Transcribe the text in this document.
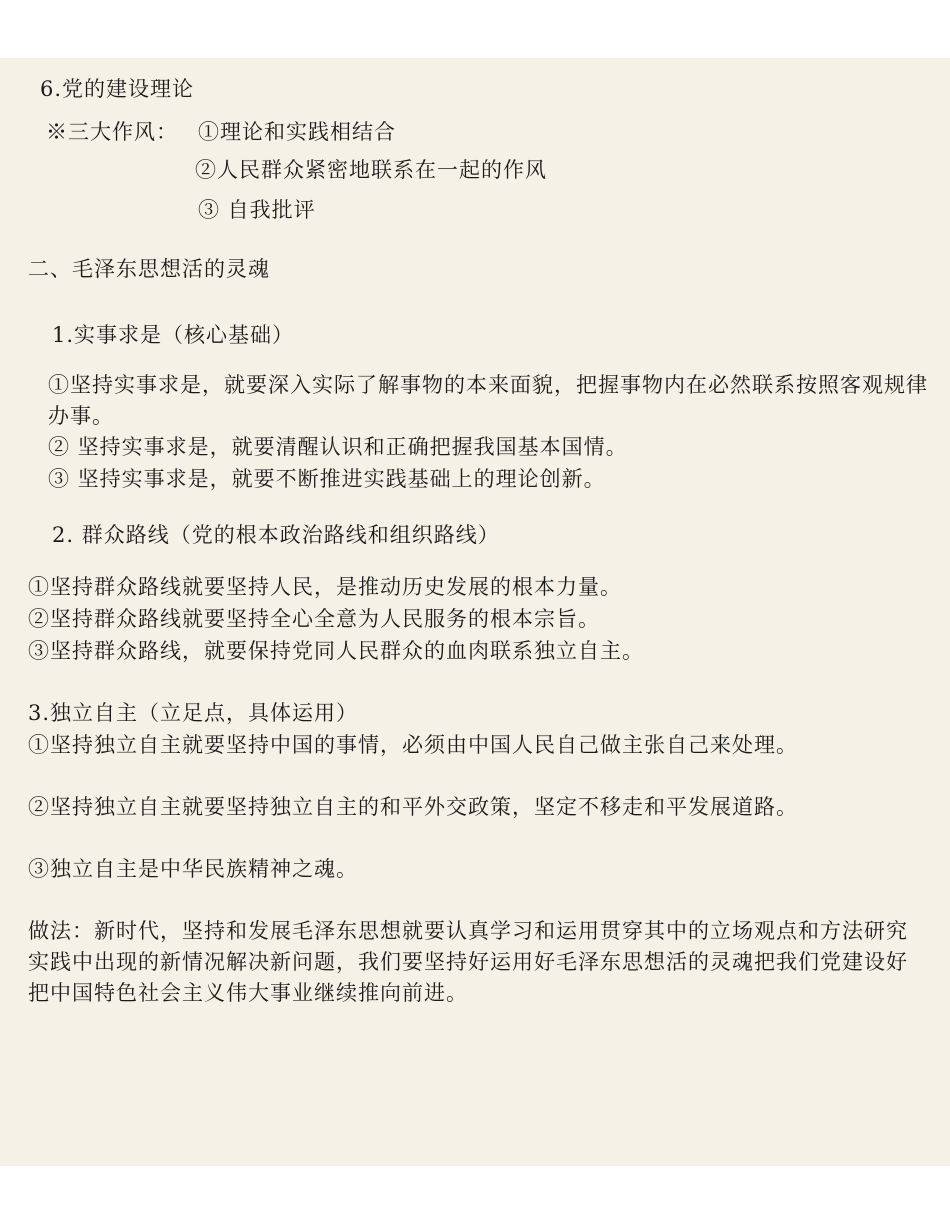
6.党的建设理论
※三大作风： ①理论和实践相结合
②人民群众紧密地联系在一起的作风
③ 自我批评
二、毛泽东思想活的灵魂
1.实事求是（核心基础）
①坚持实事求是，就要深入实际了解事物的本来面貌，把握事物内在必然联系按照客观规律办事。
② 坚持实事求是，就要清醒认识和正确把握我国基本国情。
③ 坚持实事求是，就要不断推进实践基础上的理论创新。
2. 群众路线（党的根本政治路线和组织路线）
①坚持群众路线就要坚持人民，是推动历史发展的根本力量。
②坚持群众路线就要坚持全心全意为人民服务的根本宗旨。
③坚持群众路线，就要保持党同人民群众的血肉联系独立自主。
3.独立自主（立足点，具体运用）
①坚持独立自主就要坚持中国的事情，必须由中国人民自己做主张自己来处理。
②坚持独立自主就要坚持独立自主的和平外交政策，坚定不移走和平发展道路。
③独立自主是中华民族精神之魂。
做法：新时代，坚持和发展毛泽东思想就要认真学习和运用贯穿其中的立场观点和方法研究实践中出现的新情况解决新问题，我们要坚持好运用好毛泽东思想活的灵魂把我们党建设好把中国特色社会主义伟大事业继续推向前进。
